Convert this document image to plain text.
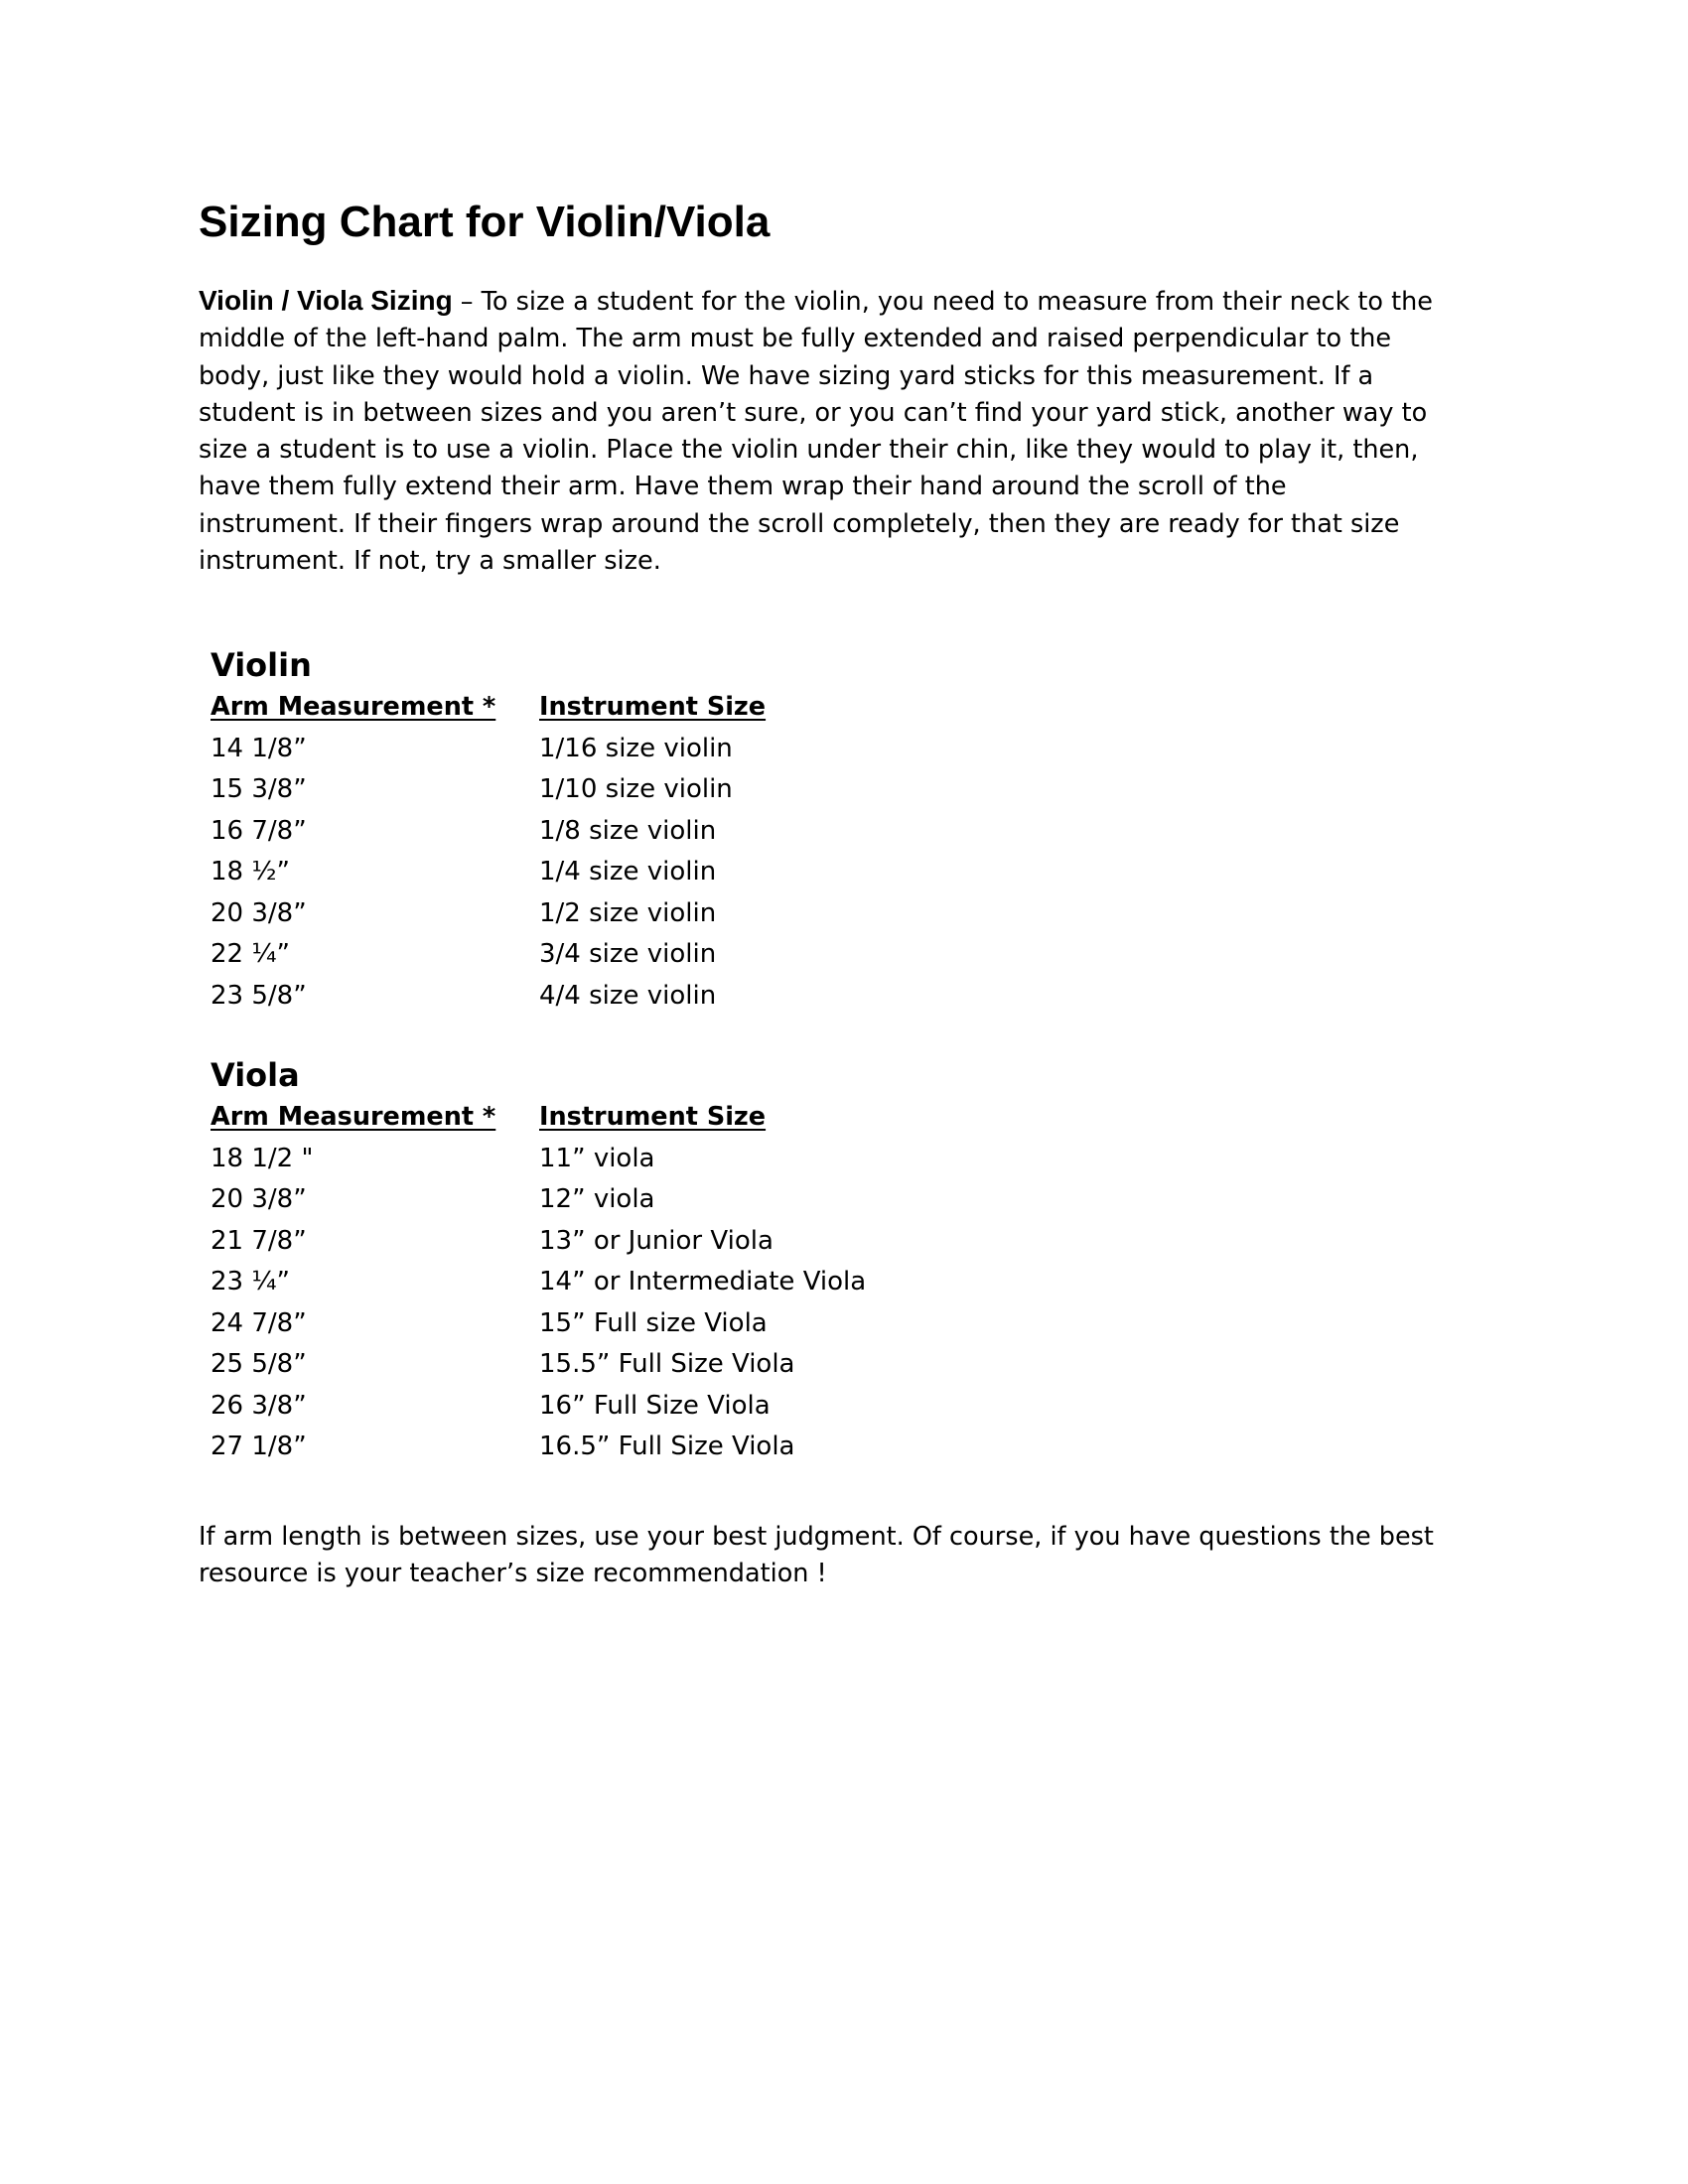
Sizing Chart for Violin/Viola

Violin / Viola Sizing – To size a student for the violin, you need to measure from their neck to the
middle of the left-hand palm. The arm must be fully extended and raised perpendicular to the
body, just like they would hold a violin. We have sizing yard sticks for this measurement. If a
student is in between sizes and you aren’t sure, or you can’t find your yard stick, another way to
size a student is to use a violin. Place the violin under their chin, like they would to play it, then,
have them fully extend their arm. Have them wrap their hand around the scroll of the
instrument. If their fingers wrap around the scroll completely, then they are ready for that size
instrument. If not, try a smaller size.

Violin
Arm Measurement *	Instrument Size
14 1/8”	1/16 size violin
15 3/8”	1/10 size violin
16 7/8”	1/8 size violin
18 ½”	1/4 size violin
20 3/8”	1/2 size violin
22 ¼”	3/4 size violin
23 5/8”	4/4 size violin
Viola
Arm Measurement *	Instrument Size
18 1/2 "	11” viola
20 3/8”	12” viola
21 7/8”	13” or Junior Viola
23 ¼”	14” or Intermediate Viola
24 7/8”	15” Full size Viola
25 5/8”	15.5” Full Size Viola
26 3/8”	16” Full Size Viola
27 1/8”	16.5” Full Size Viola

If arm length is between sizes, use your best judgment. Of course, if you have questions the best
resource is your teacher’s size recommendation !
